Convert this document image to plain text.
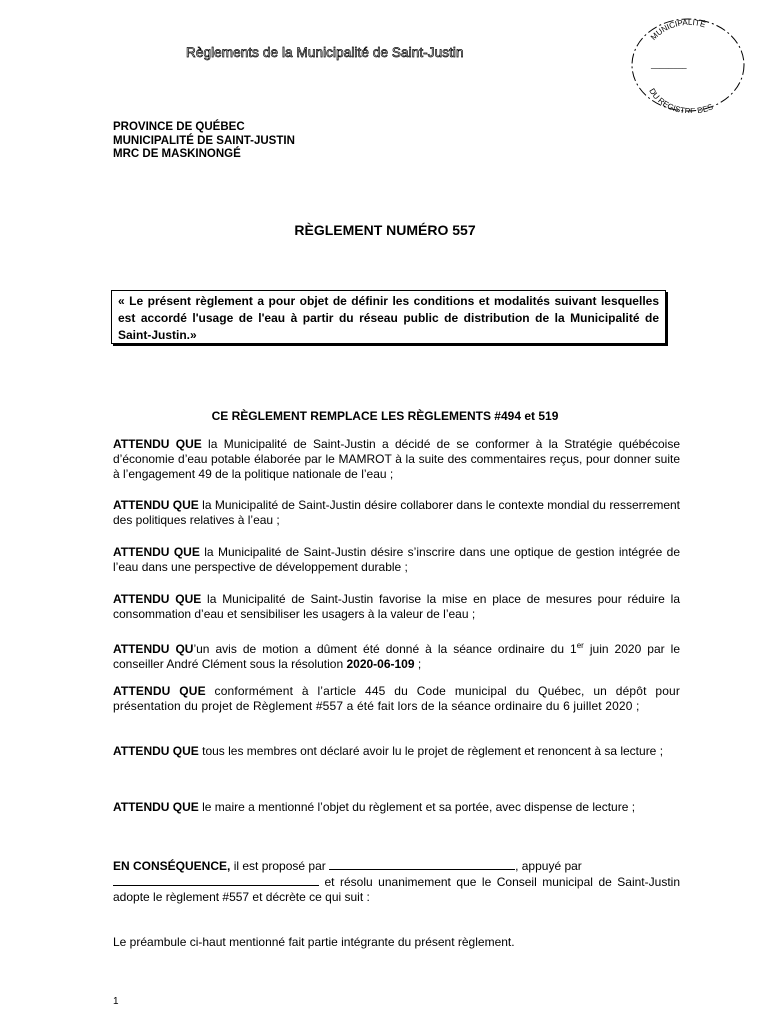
Règlements de la Municipalité de Saint-Justin
MUNICIPALITÉ
DU REGISTRE DES
________
PROVINCE DE QUÉBEC
MUNICIPALITÉ DE SAINT-JUSTIN
MRC DE MASKINONGÉ
RÈGLEMENT NUMÉRO 557
« Le présent règlement a pour objet de définir les conditions et modalités suivant lesquelles est accordé l'usage de l'eau à partir du réseau public de distribution de la Municipalité de Saint-Justin.»
CE RÈGLEMENT REMPLACE LES RÈGLEMENTS #494 et 519
ATTENDU QUE la Municipalité de Saint-Justin a décidé de se conformer à la Stratégie québécoise d’économie d’eau potable élaborée par le MAMROT à la suite des commentaires reçus, pour donner suite à l’engagement 49 de la politique nationale de l’eau ;
ATTENDU QUE la Municipalité de Saint-Justin désire collaborer dans le contexte mondial du resserrement des politiques relatives à l’eau ;
ATTENDU QUE la Municipalité de Saint-Justin désire s’inscrire dans une optique de gestion intégrée de l’eau dans une perspective de développement durable ;
ATTENDU QUE la Municipalité de Saint-Justin favorise la mise en place de mesures pour réduire la consommation d’eau et sensibiliser les usagers à la valeur de l’eau ;
ATTENDU QU’un avis de motion a dûment été donné à la séance ordinaire du 1er juin 2020 par le conseiller André Clément sous la résolution 2020-06-109 ;
ATTENDU QUE conformément à l’article 445 du Code municipal du Québec, un dépôt pour présentation du projet de Règlement #557 a été fait lors de la séance ordinaire du 6 juillet 2020 ;
ATTENDU QUE tous les membres ont déclaré avoir lu le projet de règlement et renoncent à sa lecture ;
ATTENDU QUE le maire a mentionné l’objet du règlement et sa portée, avec dispense de lecture ;
EN CONSÉQUENCE, il est proposé par	, appuyé par
et résolu unanimement que le Conseil municipal de Saint-Justin adopte le règlement #557 et décrète ce qui suit :
Le préambule ci-haut mentionné fait partie intégrante du présent règlement.
1
